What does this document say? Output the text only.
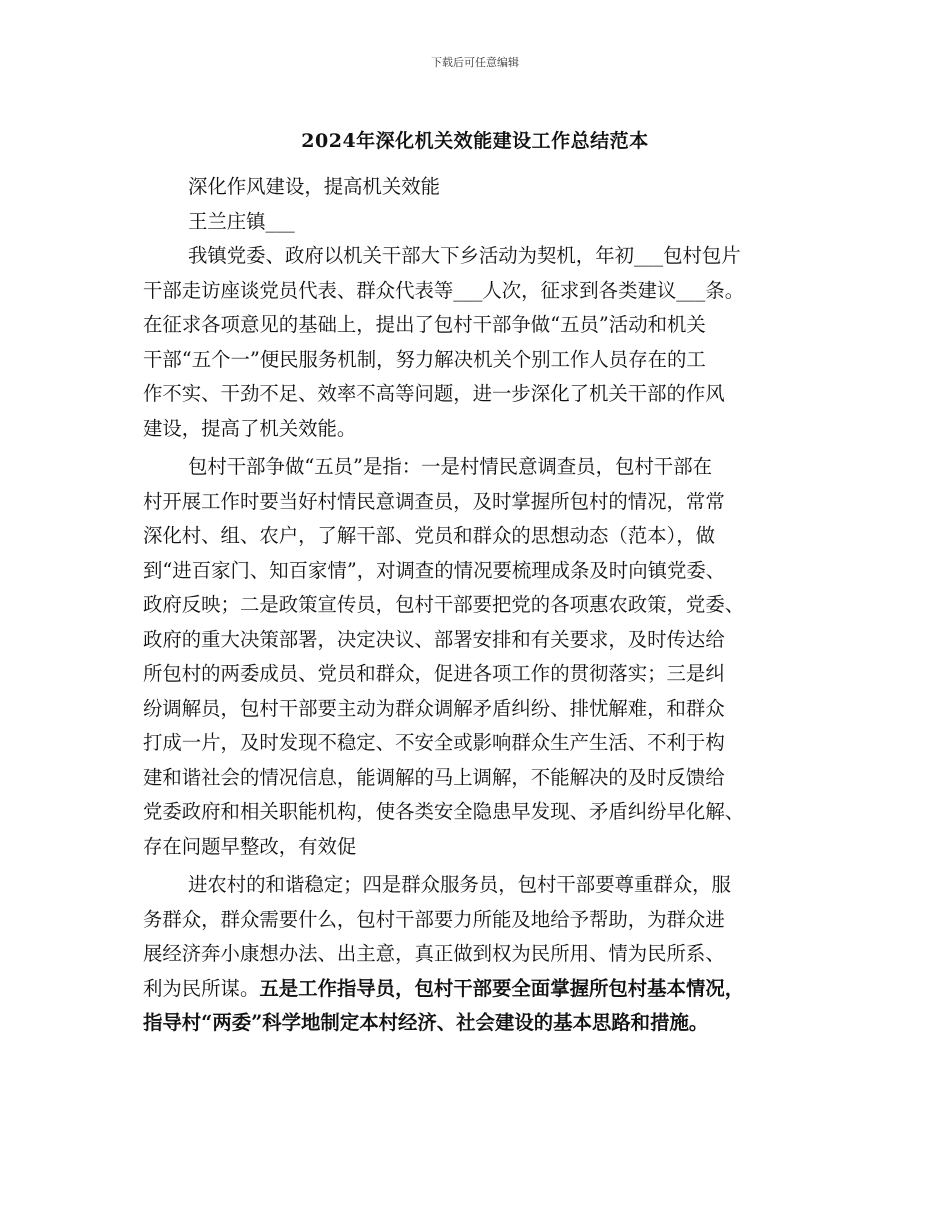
下载后可任意编辑
2024年深化机关效能建设工作总结范本
深化作风建设，提高机关效能
王兰庄镇___
我镇党委、政府以机关干部大下乡活动为契机，年初___包村包片
干部走访座谈党员代表、群众代表等___人次，征求到各类建议___条。
在征求各项意见的基础上，提出了包村干部争做“五员”活动和机关
干部“五个一”便民服务机制，努力解决机关个别工作人员存在的工
作不实、干劲不足、效率不高等问题，进一步深化了机关干部的作风
建设，提高了机关效能。
包村干部争做“五员”是指：一是村情民意调查员，包村干部在
村开展工作时要当好村情民意调查员，及时掌握所包村的情况，常常
深化村、组、农户，了解干部、党员和群众的思想动态（范本），做
到“进百家门、知百家情”，对调查的情况要梳理成条及时向镇党委、
政府反映；二是政策宣传员，包村干部要把党的各项惠农政策，党委、
政府的重大决策部署，决定决议、部署安排和有关要求，及时传达给
所包村的两委成员、党员和群众，促进各项工作的贯彻落实；三是纠
纷调解员，包村干部要主动为群众调解矛盾纠纷、排忧解难，和群众
打成一片，及时发现不稳定、不安全或影响群众生产生活、不利于构
建和谐社会的情况信息，能调解的马上调解，不能解决的及时反馈给
党委政府和相关职能机构，使各类安全隐患早发现、矛盾纠纷早化解、
存在问题早整改，有效促
进农村的和谐稳定；四是群众服务员，包村干部要尊重群众，服
务群众，群众需要什么，包村干部要力所能及地给予帮助，为群众进
展经济奔小康想办法、出主意，真正做到权为民所用、情为民所系、
利为民所谋。五是工作指导员，包村干部要全面掌握所包村基本情况，
指导村“两委”科学地制定本村经济、社会建设的基本思路和措施。
